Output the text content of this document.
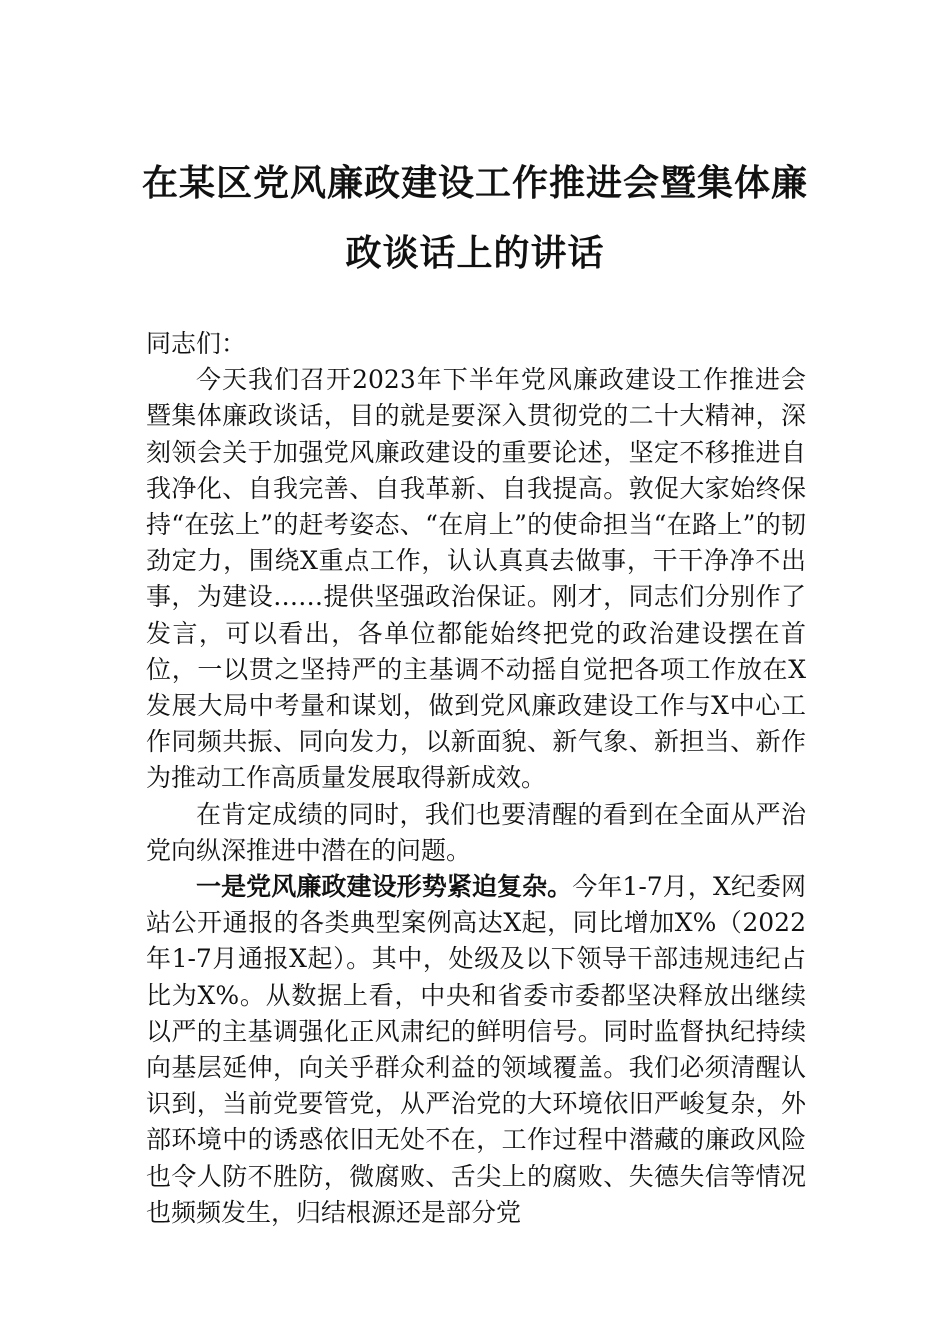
在某区党风廉政建设工作推进会暨集体廉
政谈话上的讲话

同志们：

今天我们召开2023年下半年党风廉政建设工作推进会暨集体廉政谈话，目的就是要深入贯彻党的二十大精神，深刻领会关于加强党风廉政建设的重要论述，坚定不移推进自我净化、自我完善、自我革新、自我提高。敦促大家始终保持“在弦上”的赶考姿态、“在肩上”的使命担当“在路上”的韧劲定力，围绕X重点工作，认认真真去做事，干干净净不出事，为建设……提供坚强政治保证。刚才，同志们分别作了发言，可以看出，各单位都能始终把党的政治建设摆在首位，一以贯之坚持严的主基调不动摇自觉把各项工作放在X发展大局中考量和谋划，做到党风廉政建设工作与X中心工作同频共振、同向发力，以新面貌、新气象、新担当、新作为推动工作高质量发展取得新成效。

在肯定成绩的同时，我们也要清醒的看到在全面从严治党向纵深推进中潜在的问题。

一是党风廉政建设形势紧迫复杂。今年1-7月，X纪委网站公开通报的各类典型案例高达X起，同比增加X%（2022年1-7月通报X起）。其中，处级及以下领导干部违规违纪占比为X%。从数据上看，中央和省委市委都坚决释放出继续以严的主基调强化正风肃纪的鲜明信号。同时监督执纪持续向基层延伸，向关乎群众利益的领域覆盖。我们必须清醒认识到，当前党要管党，从严治党的大环境依旧严峻复杂，外部环境中的诱惑依旧无处不在，工作过程中潜藏的廉政风险也令人防不胜防，微腐败、舌尖上的腐败、失德失信等情况也频频发生，归结根源还是部分党
